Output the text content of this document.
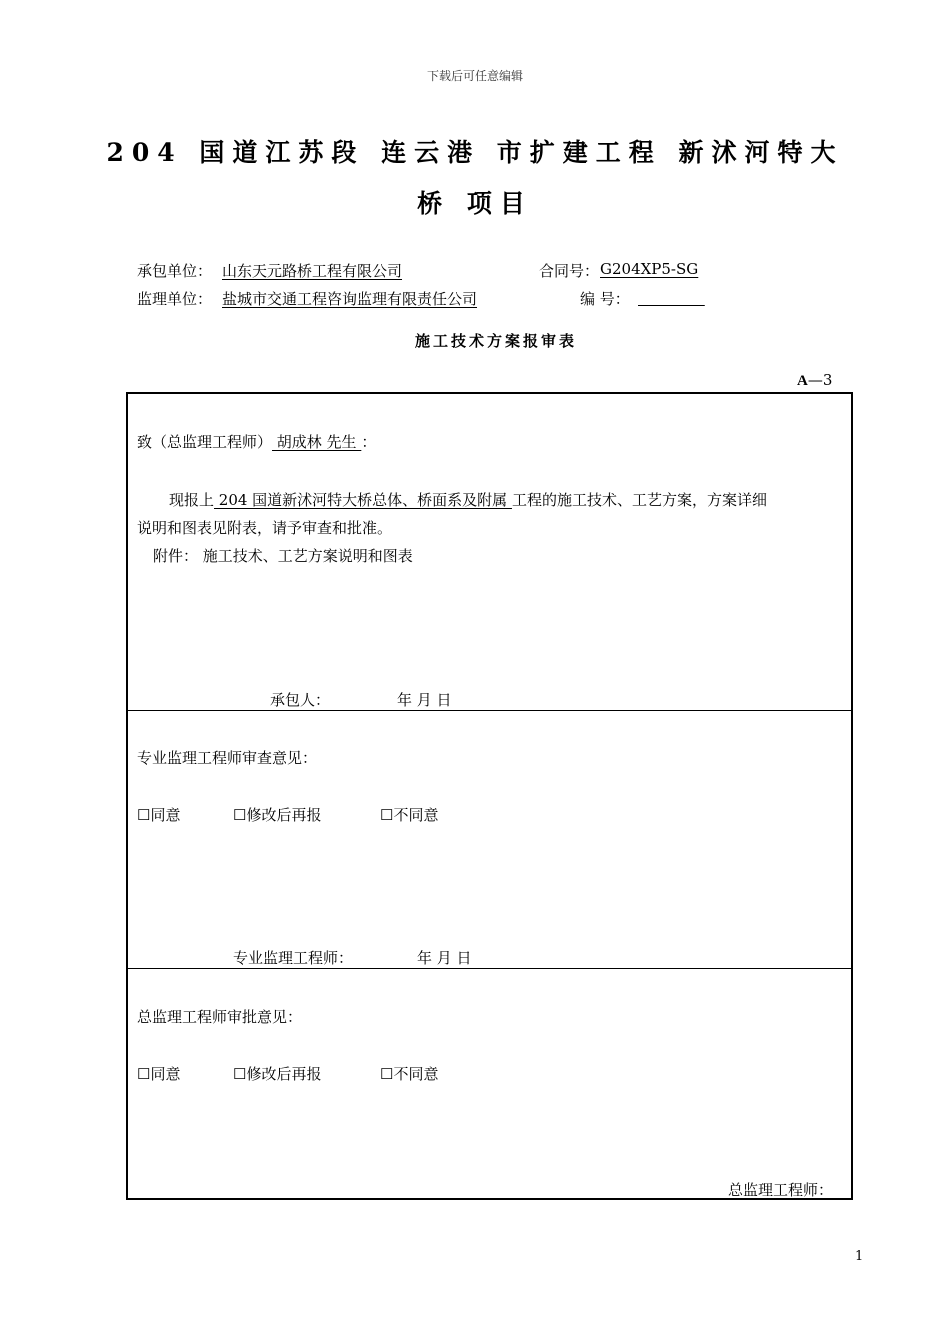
下载后可任意编辑
204 国道江苏段 连云港 市扩建工程 新沭河特大
桥 项目
承包单位： 山东天元路桥工程有限公司	合同号： G204XP5-SG
监理单位： 盐城市交通工程咨询监理有限责任公司	编 号：

施工技术方案报审表
A—3
致（总监理工程师） 胡成林 先生 ：
现报上 204 国道新沭河特大桥总体、桥面系及附属 工程的施工技术、工艺方案，方案详细
说明和图表见附表，请予审查和批准。
附件： 施工技术、工艺方案说明和图表
承包人：	年 月 日
专业监理工程师审查意见：
☐同意	☐修改后再报	☐不同意
专业监理工程师：	年 月 日
总监理工程师审批意见：
☐同意	☐修改后再报	☐不同意
总监理工程师：
1
